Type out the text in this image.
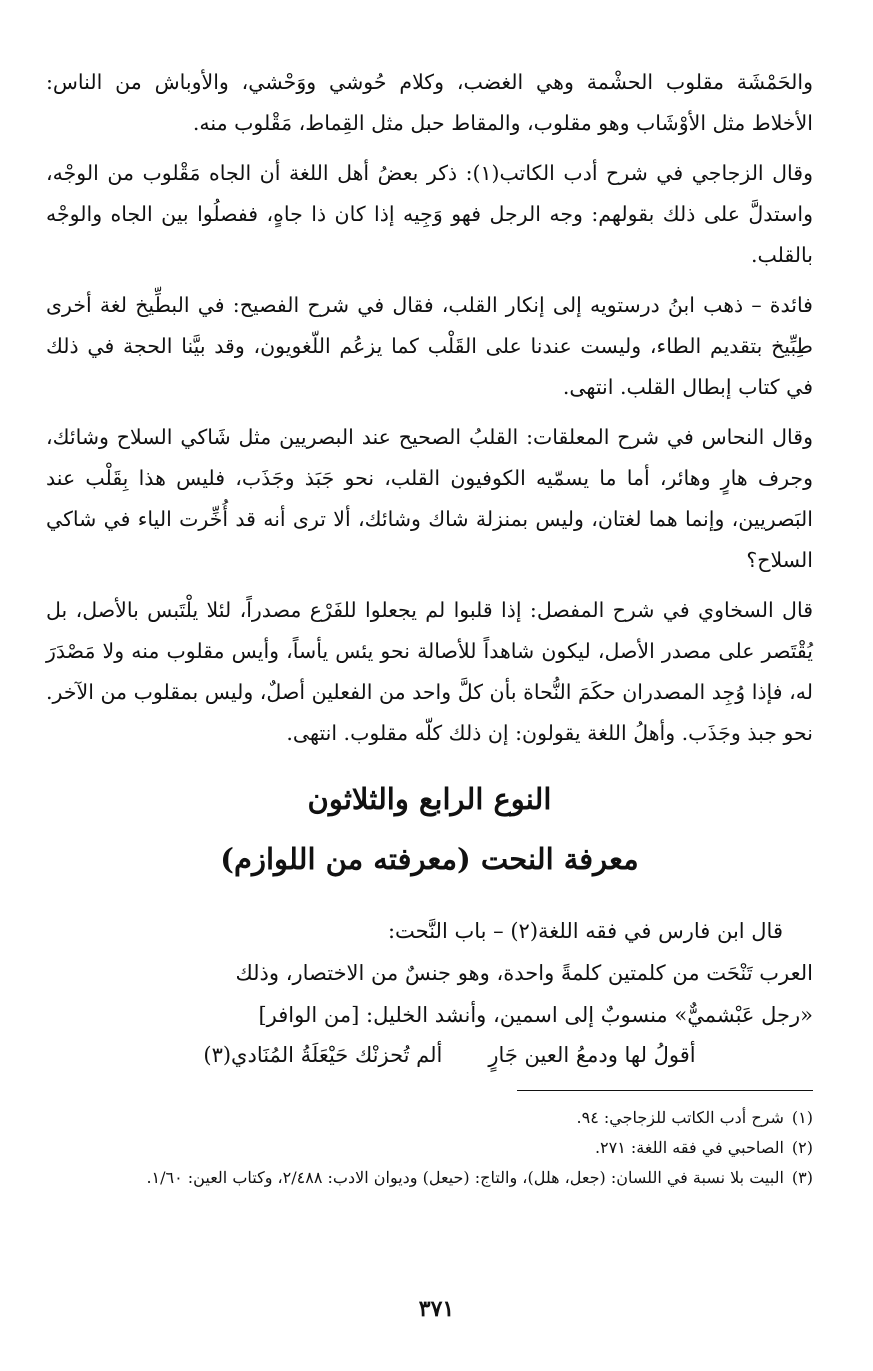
والحَمْشَة مقلوب الحشْمة وهي الغضب، وكلام حُوشي ووَحْشي، والأوباش من الناس: الأخلاط مثل الأوْشَاب وهو مقلوب، والمقاط حبل مثل القِماط، مَقْلوب منه.

وقال الزجاجي في شرح أدب الكاتب(١): ذكر بعضُ أهل اللغة أن الجاه مَقْلوب من الوجْه، واستدلَّ على ذلك بقولهم: وجه الرجل فهو وَجِيه إذا كان ذا جاهٍ، ففصلُوا بين الجاه والوجْه بالقلب.

فائدة – ذهب ابنُ درستويه إلى إنكار القلب، فقال في شرح الفصيح: في البطِّيخ لغة أخرى طِبِّيخ بتقديم الطاء، وليست عندنا على القَلْب كما يزعُم اللّغويون، وقد بيَّنا الحجة في ذلك في كتاب إبطال القلب. انتهى.

وقال النحاس في شرح المعلقات: القلبُ الصحيح عند البصريين مثل شَاكي السلاح وشائك، وجرف هارٍ وهائر، أما ما يسمّيه الكوفيون القلب، نحو جَبَذ وجَذَب، فليس هذا بِقَلْب عند البَصريين، وإنما هما لغتان، وليس بمنزلة شاك وشائك، ألا ترى أنه قد أُخِّرت الياء في شاكي السلاح؟

قال السخاوي في شرح المفصل: إذا قلبوا لم يجعلوا للفَرْع مصدراً، لئلا يلْتَبس بالأصل، بل يُقْتَصر على مصدر الأصل، ليكون شاهداً للأصالة نحو يئس يأساً، وأيس مقلوب منه ولا مَصْدَرَ له، فإذا وُجِد المصدران حكَمَ النُّحاة بأن كلَّ واحد من الفعلين أصلٌ، وليس بمقلوب من الآخر. نحو جبذ وجَذَب. وأهلُ اللغة يقولون: إن ذلك كلّه مقلوب. انتهى.

النوع الرابع والثلاثون
معرفة النحت (معرفته من اللوازم)

قال ابن فارس في فقه اللغة(٢) – باب النَّحت:

العرب تَنْحَت من كلمتين كلمةً واحدة، وهو جنسٌ من الاختصار، وذلك

«رجل عَبْشميٌّ» منسوبٌ إلى اسمين، وأنشد الخليل: [من الوافر]

أقولُ لها ودمعُ العين جَارٍ
ألم تُحزنْك حَيْعَلَةُ المُنَادي(٣)
(١)
شرح أدب الكاتب للزجاجي: ٩٤.
(٢)
الصاحبي في فقه اللغة: ٢٧١.
(٣)
البيت بلا نسبة في اللسان: (جعل، هلل)، والتاج: (حيعل) وديوان الادب: ٢/٤٨٨، وكتاب العين: ١/٦٠.
٣٧١
